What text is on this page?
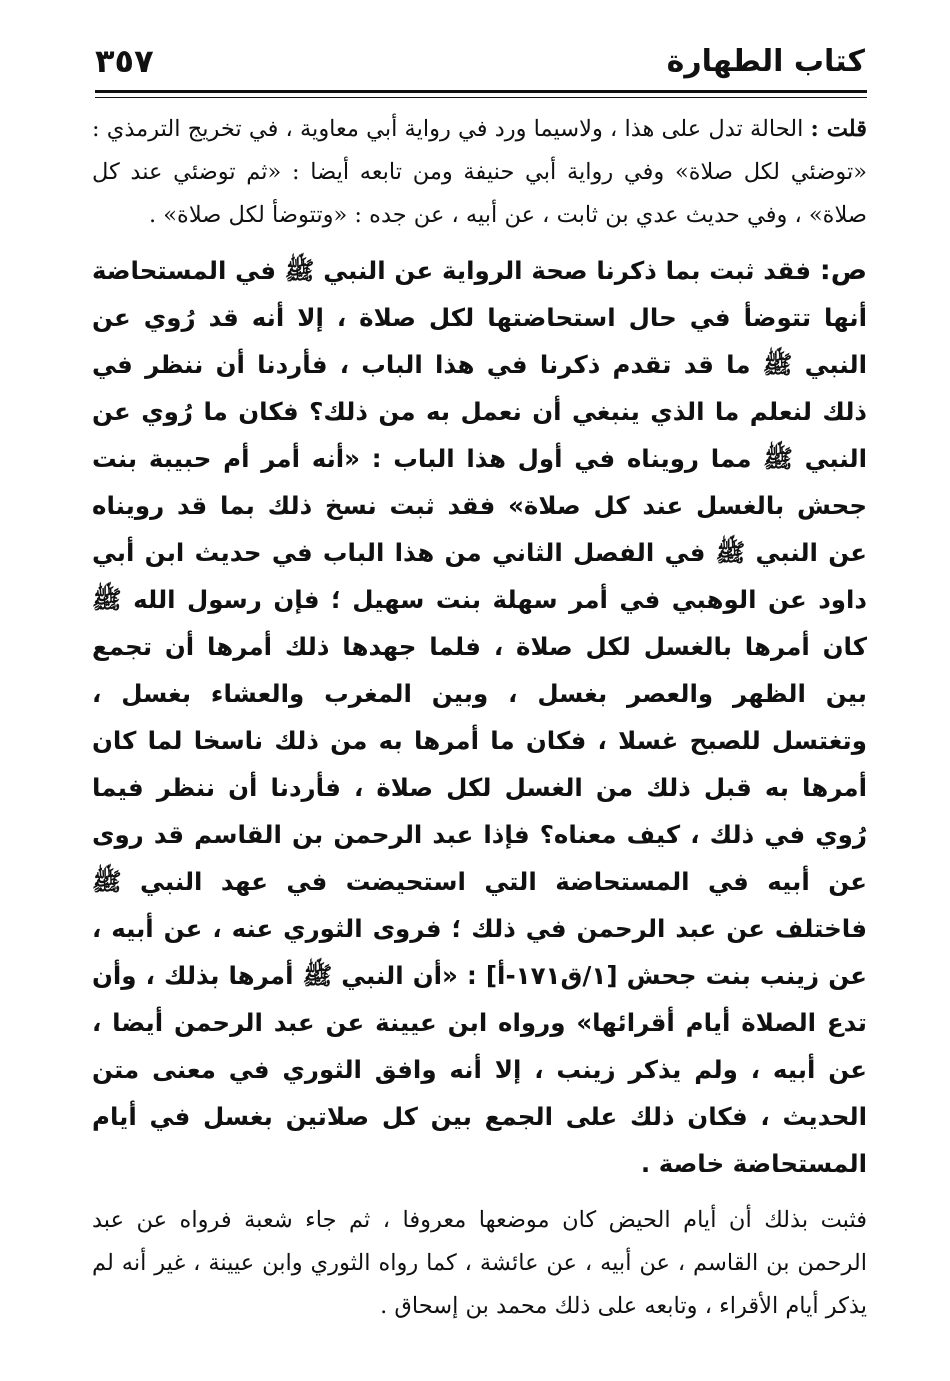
كتاب الطهارة
٣٥٧

قلت : الحالة تدل على هذا ، ولاسيما ورد في رواية أبي معاوية ، في تخريج الترمذي : «توضئي لكل صلاة» وفي رواية أبي حنيفة ومن تابعه أيضا : «ثم توضئي عند كل صلاة» ، وفي حديث عدي بن ثابت ، عن أبيه ، عن جده : «وتتوضأ لكل صلاة» .

ص: فقد ثبت بما ذكرنا صحة الرواية عن النبي ﷺ في المستحاضة أنها تتوضأ في حال استحاضتها لكل صلاة ، إلا أنه قد رُوي عن النبي ﷺ ما قد تقدم ذكرنا في هذا الباب ، فأردنا أن ننظر في ذلك لنعلم ما الذي ينبغي أن نعمل به من ذلك؟ فكان ما رُوي عن النبي ﷺ مما رويناه في أول هذا الباب : «أنه أمر أم حبيبة بنت جحش بالغسل عند كل صلاة» فقد ثبت نسخ ذلك بما قد رويناه عن النبي ﷺ في الفصل الثاني من هذا الباب في حديث ابن أبي داود عن الوهبي في أمر سهلة بنت سهيل ؛ فإن رسول الله ﷺ كان أمرها بالغسل لكل صلاة ، فلما جهدها ذلك أمرها أن تجمع بين الظهر والعصر بغسل ، وبين المغرب والعشاء بغسل ، وتغتسل للصبح غسلا ، فكان ما أمرها به من ذلك ناسخا لما كان أمرها به قبل ذلك من الغسل لكل صلاة ، فأردنا أن ننظر فيما رُوي في ذلك ، كيف معناه؟ فإذا عبد الرحمن بن القاسم قد روى عن أبيه في المستحاضة التي استحيضت في عهد النبي ﷺ فاختلف عن عبد الرحمن في ذلك ؛ فروى الثوري عنه ، عن أبيه ، عن زينب بنت جحش [١/ق١٧١-أ] : «أن النبي ﷺ أمرها بذلك ، وأن تدع الصلاة أيام أقرائها» ورواه ابن عيينة عن عبد الرحمن أيضا ، عن أبيه ، ولم يذكر زينب ، إلا أنه وافق الثوري في معنى متن الحديث ، فكان ذلك على الجمع بين كل صلاتين بغسل في أيام المستحاضة خاصة .

فثبت بذلك أن أيام الحيض كان موضعها معروفا ، ثم جاء شعبة فرواه عن عبد الرحمن بن القاسم ، عن أبيه ، عن عائشة ، كما رواه الثوري وابن عيينة ، غير أنه لم يذكر أيام الأقراء ، وتابعه على ذلك محمد بن إسحاق .
